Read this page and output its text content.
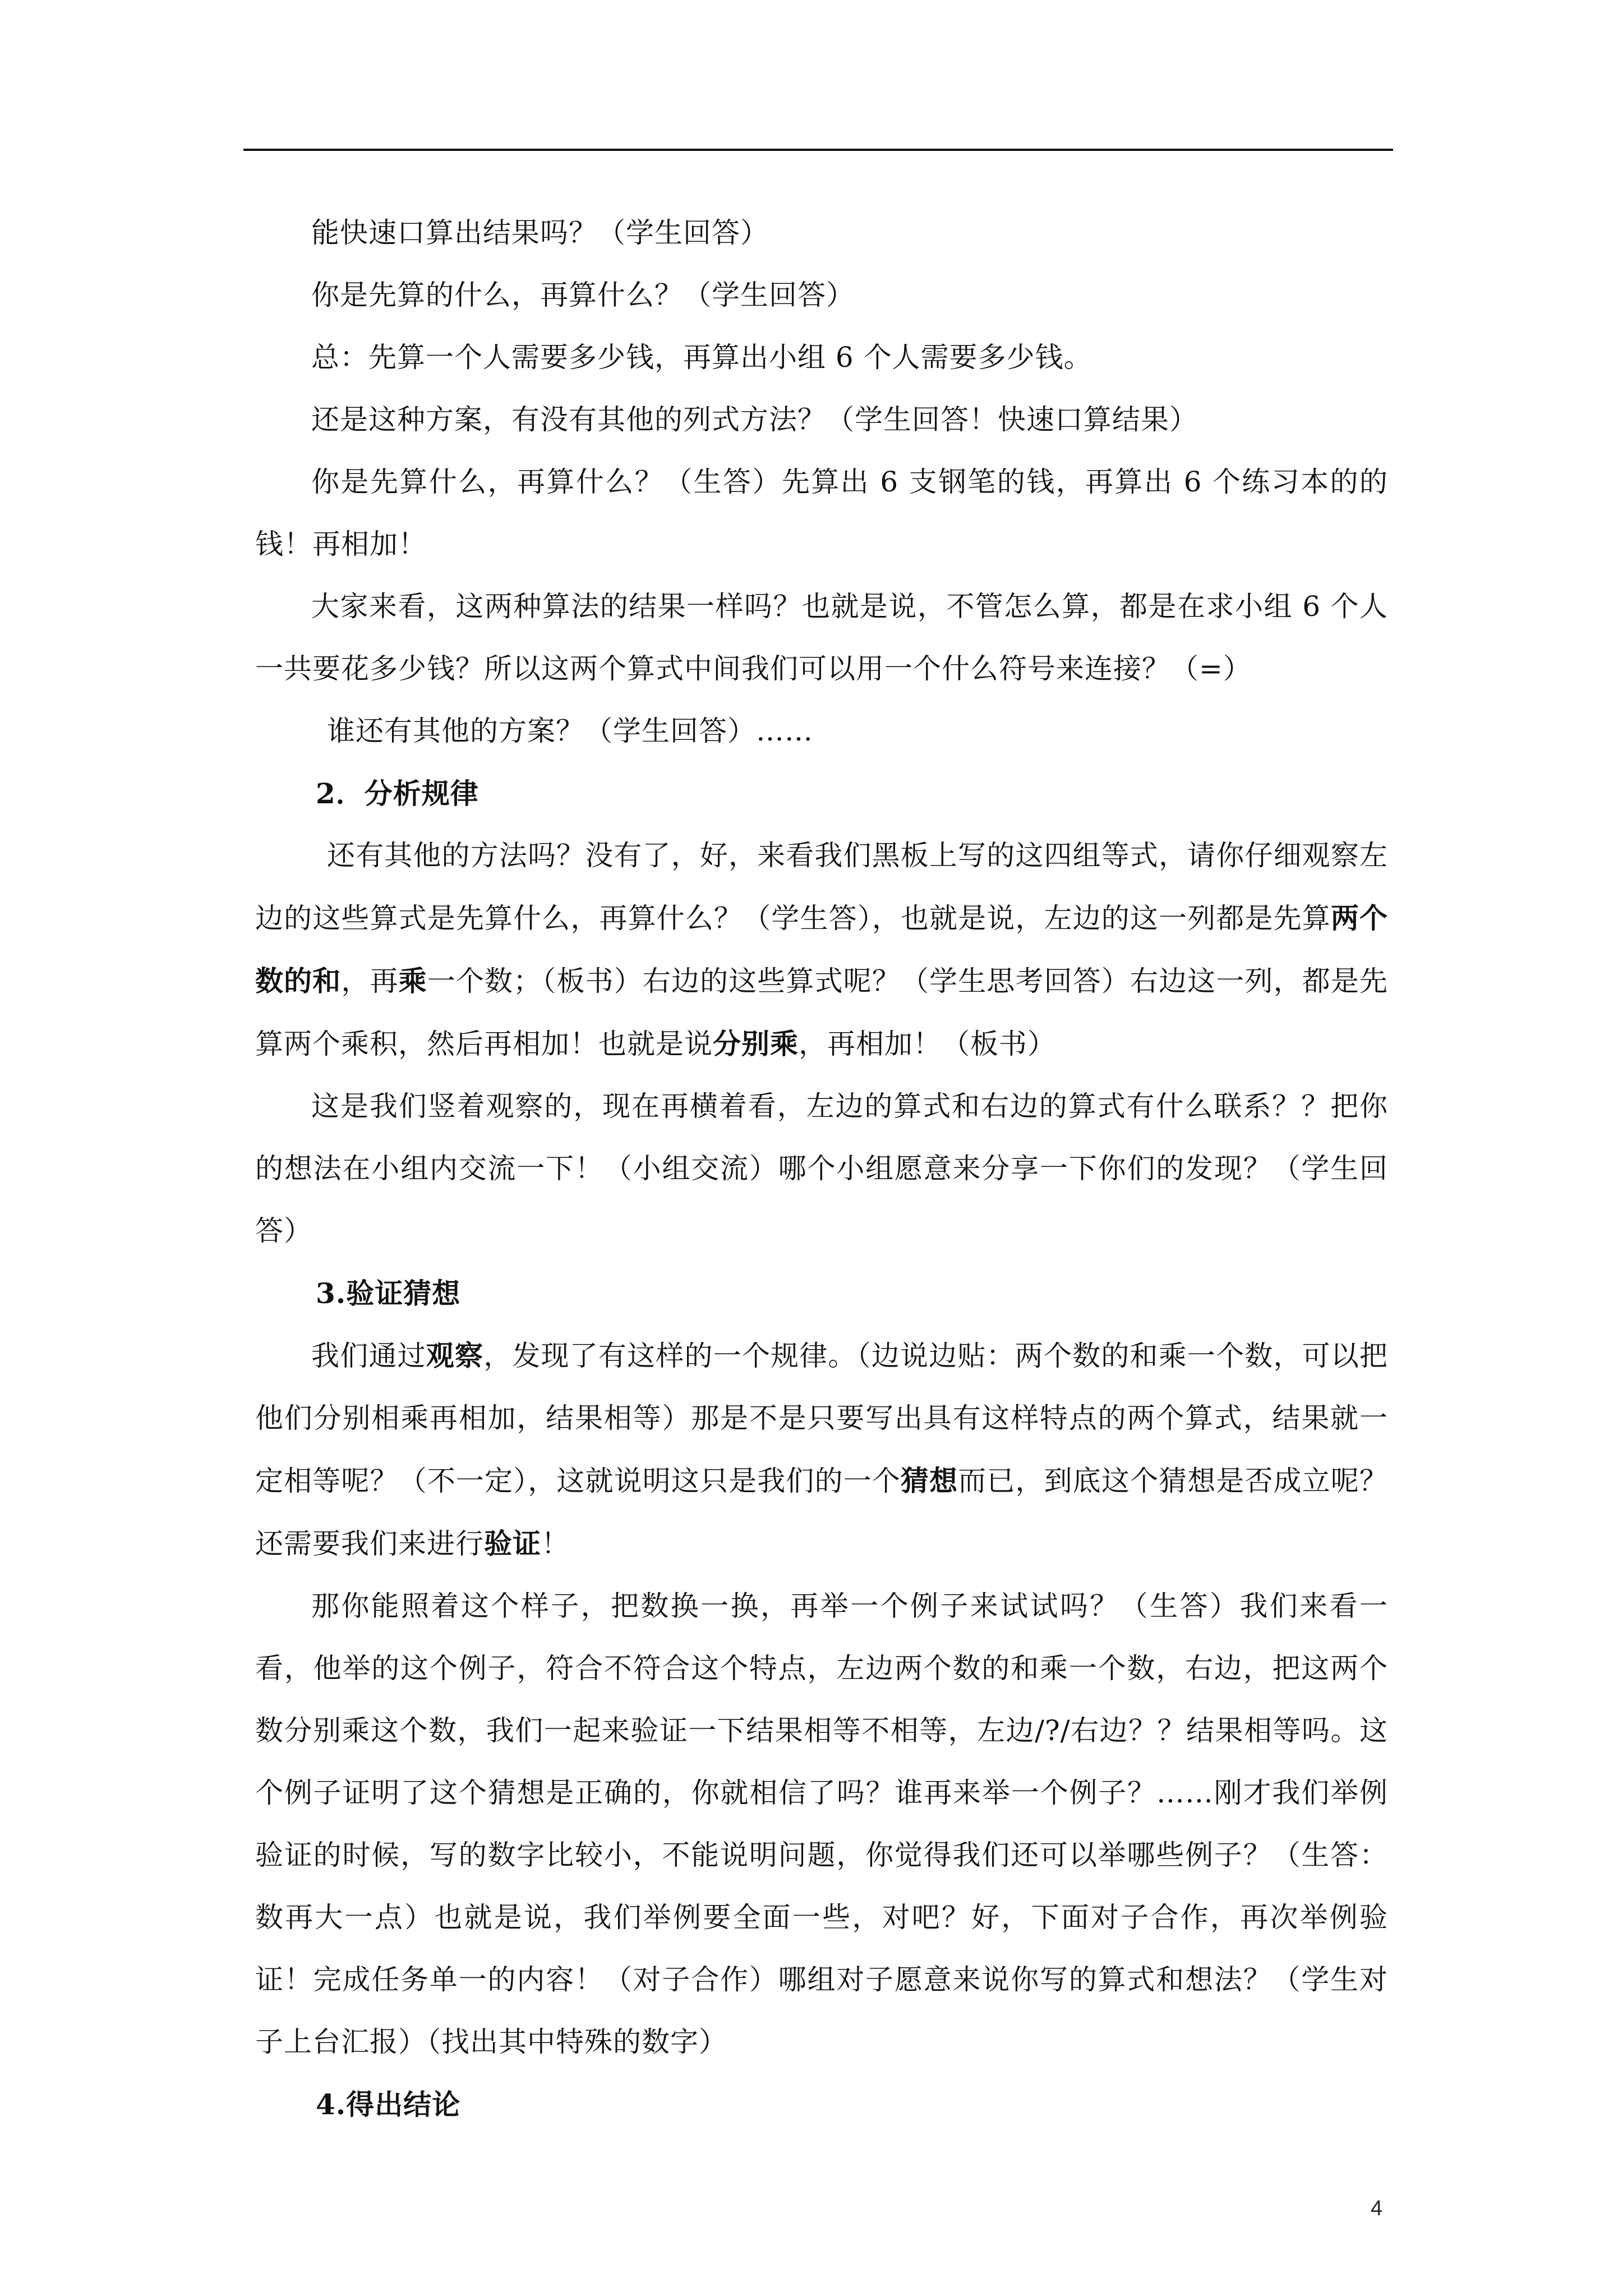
能快速口算出结果吗？（学生回答）

你是先算的什么，再算什么？（学生回答）

总：先算一个人需要多少钱，再算出小组 6 个人需要多少钱。

还是这种方案，有没有其他的列式方法？（学生回答！快速口算结果）

你是先算什么，再算什么？（生答）先算出 6 支钢笔的钱，再算出 6 个练习本的的钱！再相加！

大家来看，这两种算法的结果一样吗？也就是说，不管怎么算，都是在求小组 6 个人一共要花多少钱？所以这两个算式中间我们可以用一个什么符号来连接？（=）

谁还有其他的方案？（学生回答）……

2．分析规律

还有其他的方法吗？没有了，好，来看我们黑板上写的这四组等式，请你仔细观察左边的这些算式是先算什么，再算什么？（学生答），也就是说，左边的这一列都是先算两个数的和，再乘一个数；（板书）右边的这些算式呢？（学生思考回答）右边这一列，都是先算两个乘积，然后再相加！也就是说分别乘，再相加！（板书）

这是我们竖着观察的，现在再横着看，左边的算式和右边的算式有什么联系？？把你的想法在小组内交流一下！（小组交流）哪个小组愿意来分享一下你们的发现？（学生回答）

3.验证猜想

我们通过观察，发现了有这样的一个规律。（边说边贴：两个数的和乘一个数，可以把他们分别相乘再相加，结果相等）那是不是只要写出具有这样特点的两个算式，结果就一定相等呢？（不一定），这就说明这只是我们的一个猜想而已，到底这个猜想是否成立呢？还需要我们来进行验证！

那你能照着这个样子，把数换一换，再举一个例子来试试吗？（生答）我们来看一看，他举的这个例子，符合不符合这个特点，左边两个数的和乘一个数，右边，把这两个数分别乘这个数，我们一起来验证一下结果相等不相等，左边/?/右边？？结果相等吗。这个例子证明了这个猜想是正确的，你就相信了吗？谁再来举一个例子？……刚才我们举例验证的时候，写的数字比较小，不能说明问题，你觉得我们还可以举哪些例子？（生答：数再大一点）也就是说，我们举例要全面一些，对吧？好，下面对子合作，再次举例验证！完成任务单一的内容！（对子合作）哪组对子愿意来说你写的算式和想法？（学生对子上台汇报）（找出其中特殊的数字）

4.得出结论

4
